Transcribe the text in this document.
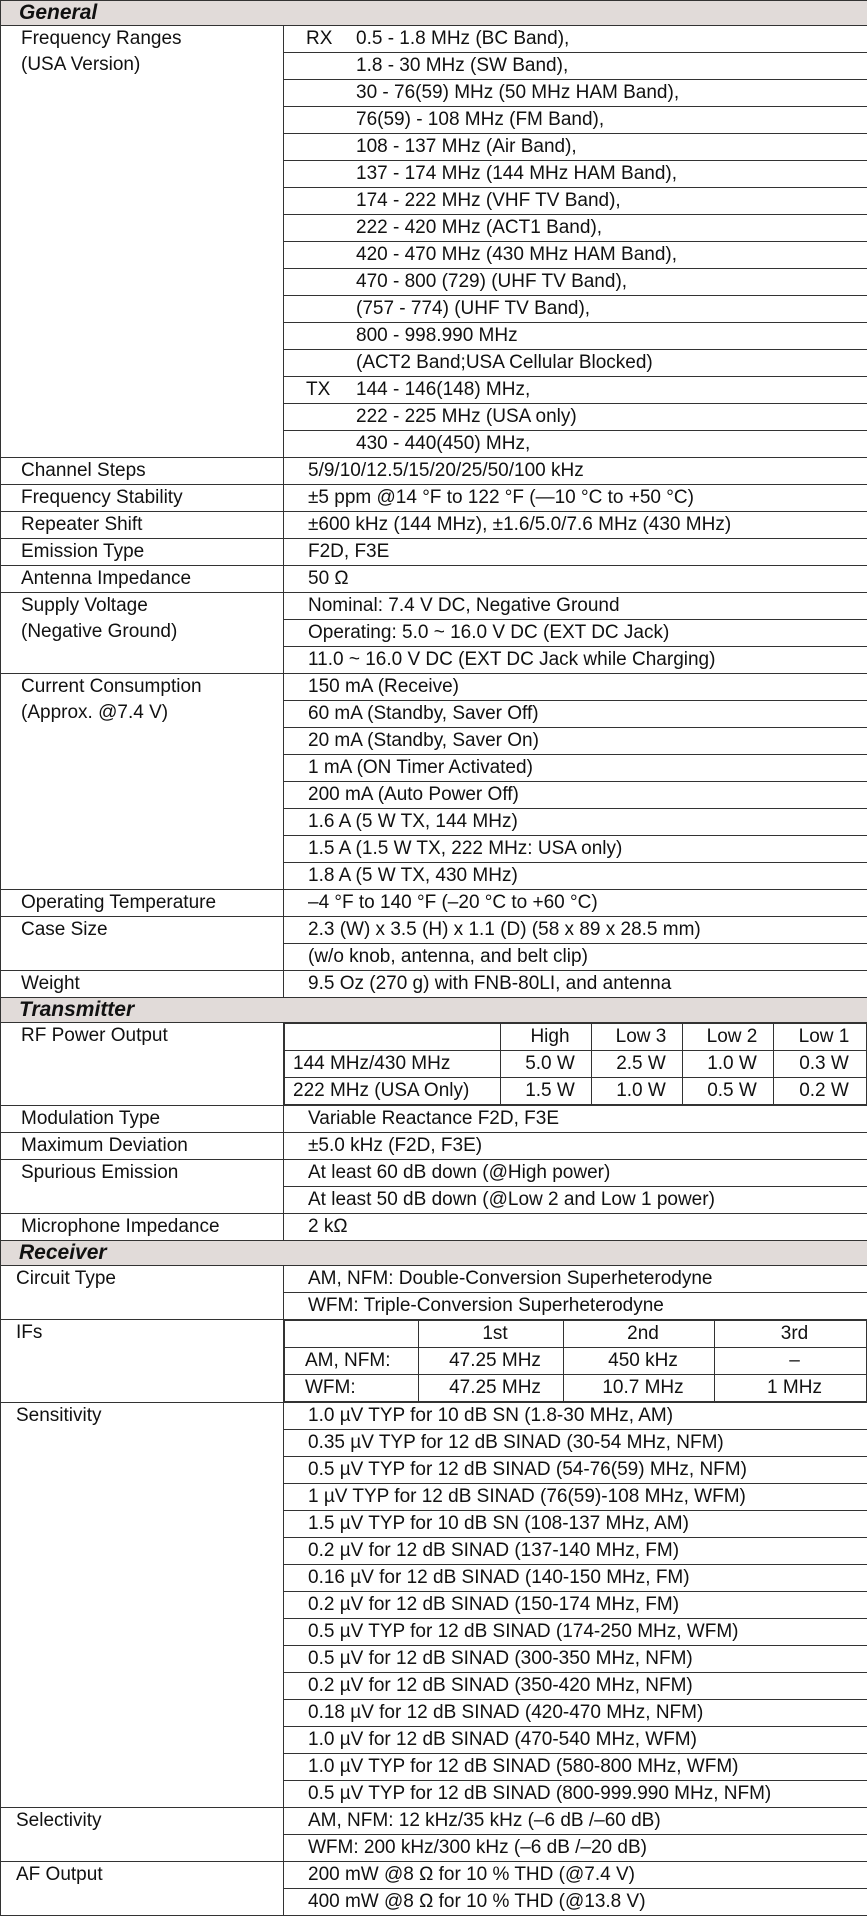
General

Frequency Ranges
(USA Version)
	RX 0.5 - 1.8 MHz (BC Band),
1.8 - 30 MHz (SW Band),
30 - 76(59) MHz (50 MHz HAM Band),
76(59) - 108 MHz (FM Band),
108 - 137 MHz (Air Band),
137 - 174 MHz (144 MHz HAM Band),
174 - 222 MHz (VHF TV Band),
222 - 420 MHz (ACT1 Band),
420 - 470 MHz (430 MHz HAM Band),
470 - 800 (729) (UHF TV Band),
(757 - 774) (UHF TV Band),
800 - 998.990 MHz
(ACT2 Band;USA Cellular Blocked)
TX 144 - 146(148) MHz,
222 - 225 MHz (USA only)
430 - 440(450) MHz,

Channel Steps	5/9/10/12.5/15/20/25/50/100 kHz

Frequency Stability	±5 ppm @14 °F to 122 °F (—10 °C to +50 °C)

Repeater Shift	±600 kHz (144 MHz), ±1.6/5.0/7.6 MHz (430 MHz)

Emission Type	F2D, F3E

Antenna Impedance	50 Ω

Supply Voltage
(Negative Ground)
	Nominal: 7.4 V DC, Negative Ground
Operating: 5.0 ~ 16.0 V DC (EXT DC Jack)
11.0 ~ 16.0 V DC (EXT DC Jack while Charging)

Current Consumption
(Approx. @7.4 V)
	150 mA (Receive)
60 mA (Standby, Saver Off)
20 mA (Standby, Saver On)
1 mA (ON Timer Activated)
200 mA (Auto Power Off)
1.6 A (5 W TX, 144 MHz)
1.5 A (1.5 W TX, 222 MHz: USA only)
1.8 A (5 W TX, 430 MHz)

Operating Temperature	–4 °F to 140 °F (–20 °C to +60 °C)

Case Size	2.3 (W) x 3.5 (H) x 1.1 (D) (58 x 89 x 28.5 mm)
(w/o knob, antenna, and belt clip)

Weight	9.5 Oz (270 g) with FNB-80LI, and antenna
Transmitter

RF Power Output

		High	Low 3	Low 2	Low 1
144 MHz/430 MHz	5.0 W	2.5 W	1.0 W	0.3 W
222 MHz (USA Only)	1.5 W	1.0 W	0.5 W	0.2 W

Modulation Type	Variable Reactance F2D, F3E

Maximum Deviation	±5.0 kHz (F2D, F3E)

Spurious Emission	At least 60 dB down (@High power)
At least 50 dB down (@Low 2 and Low 1 power)

Microphone Impedance	2 kΩ
Receiver

Circuit Type	AM, NFM: Double-Conversion Superheterodyne
WFM: Triple-Conversion Superheterodyne

IFs

		1st	2nd	3rd
AM, NFM:	47.25 MHz	450 kHz	–
WFM:	47.25 MHz	10.7 MHz	1 MHz

Sensitivity	1.0 µV TYP for 10 dB SN (1.8-30 MHz, AM)
0.35 µV TYP for 12 dB SINAD (30-54 MHz, NFM)
0.5 µV TYP for 12 dB SINAD (54-76(59) MHz, NFM)
1 µV TYP for 12 dB SINAD (76(59)-108 MHz, WFM)
1.5 µV TYP for 10 dB SN (108-137 MHz, AM)
0.2 µV for 12 dB SINAD (137-140 MHz, FM)
0.16 µV for 12 dB SINAD (140-150 MHz, FM)
0.2 µV for 12 dB SINAD (150-174 MHz, FM)
0.5 µV TYP for 12 dB SINAD (174-250 MHz, WFM)
0.5 µV for 12 dB SINAD (300-350 MHz, NFM)
0.2 µV for 12 dB SINAD (350-420 MHz, NFM)
0.18 µV for 12 dB SINAD (420-470 MHz, NFM)
1.0 µV for 12 dB SINAD (470-540 MHz, WFM)
1.0 µV TYP for 12 dB SINAD (580-800 MHz, WFM)
0.5 µV TYP for 12 dB SINAD (800-999.990 MHz, NFM)

Selectivity	AM, NFM: 12 kHz/35 kHz (–6 dB /–60 dB)
WFM: 200 kHz/300 kHz (–6 dB /–20 dB)

AF Output	200 mW @8 Ω for 10 % THD (@7.4 V)
400 mW @8 Ω for 10 % THD (@13.8 V)
